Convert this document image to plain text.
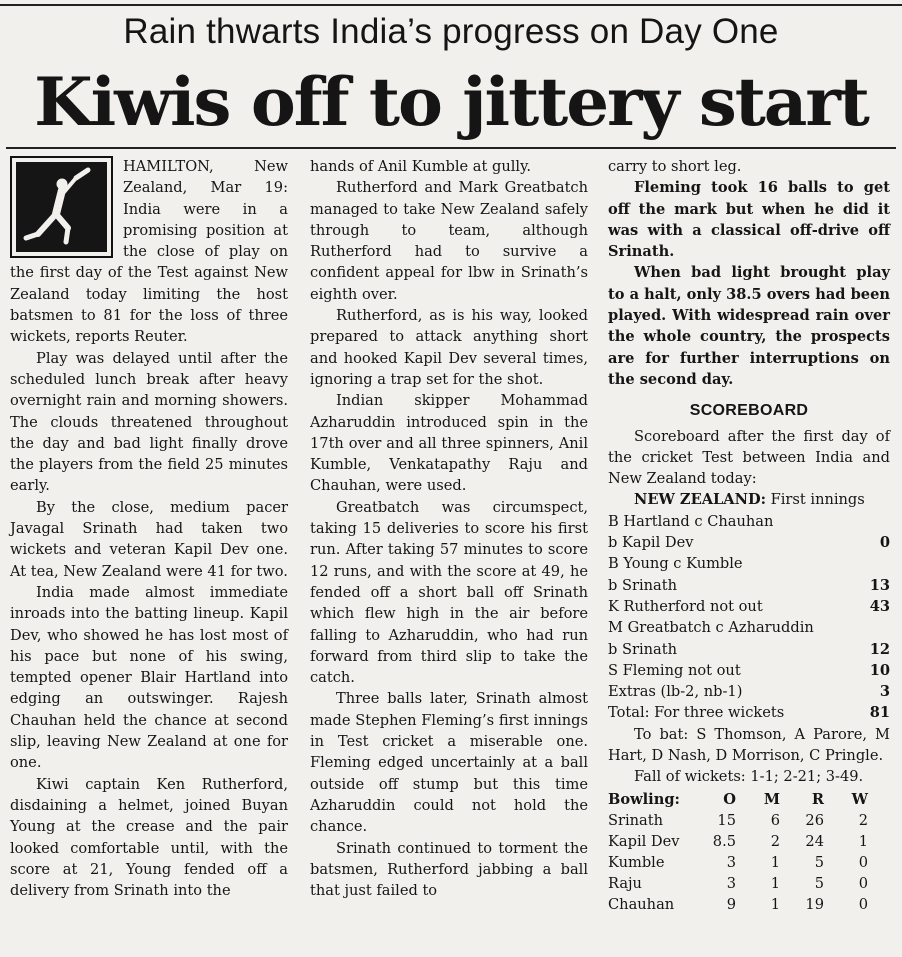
Rain thwarts India’s progress on Day One
Kiwis off to jittery start

HAMILTON, New Zealand, Mar 19: India were in a promising position at the close of play on the first day of the Test against New Zealand today limiting the host batsmen to 81 for the loss of three wickets, reports Reuter.

Play was delayed until after the scheduled lunch break after heavy overnight rain and morning showers. The clouds threatened throughout the day and bad light finally drove the players from the field 25 minutes early.

By the close, medium pacer Javagal Srinath had taken two wickets and veteran Kapil Dev one. At tea, New Zealand were 41 for two.

India made almost immediate inroads into the batting lineup. Kapil Dev, who showed he has lost most of his pace but none of his swing, tempted opener Blair Hartland into edging an outswinger. Rajesh Chauhan held the chance at second slip, leaving New Zealand at one for one.

Kiwi captain Ken Rutherford, disdaining a helmet, joined Buyan Young at the crease and the pair looked comfortable until, with the score at 21, Young fended off a delivery from Srinath into the

hands of Anil Kumble at gully.

Rutherford and Mark Greatbatch managed to take New Zealand safely through to team, although Rutherford had to survive a confident appeal for lbw in Srinath’s eighth over.

Rutherford, as is his way, looked prepared to attack anything short and hooked Kapil Dev several times, ignoring a trap set for the shot.

Indian skipper Mohammad Azharuddin introduced spin in the 17th over and all three spinners, Anil Kumble, Venkatapathy Raju and Chauhan, were used.

Greatbatch was circumspect, taking 15 deliveries to score his first run. After taking 57 minutes to score 12 runs, and with the score at 49, he fended off a short ball off Srinath which flew high in the air before falling to Azharuddin, who had run forward from third slip to take the catch.

Three balls later, Srinath almost made Stephen Fleming’s first innings in Test cricket a miserable one. Fleming edged uncertainly at a ball outside off stump but this time Azharuddin could not hold the chance.

Srinath continued to torment the batsmen, Rutherford jabbing a ball that just failed to

carry to short leg.

Fleming took 16 balls to get off the mark but when he did it was with a classical off-drive off Srinath.

When bad light brought play to a halt, only 38.5 overs had been played. With widespread rain over the whole country, the prospects are for further interruptions on the second day.

SCOREBOARD

Scoreboard after the first day of the cricket Test between India and New Zealand today:

NEW ZEALAND: First innings

B Hartland c Chauhan
b Kapil Dev	0
B Young c Kumble
b Srinath	13
K Rutherford not out	43
M Greatbatch c Azharuddin
b Srinath	12
S Fleming not out	10
Extras (lb-2, nb-1)	3
Total: For three wickets	81

To bat: S Thomson, A Parore, M Hart, D Nash, D Morrison, C Pringle.

Fall of wickets: 1-1; 2-21; 3-49.

Bowling:	O	M	R	W
Srinath	15	6	26	2
Kapil Dev	8.5	2	24	1
Kumble	3	1	5	0
Raju	3	1	5	0
Chauhan	9	1	19	0
